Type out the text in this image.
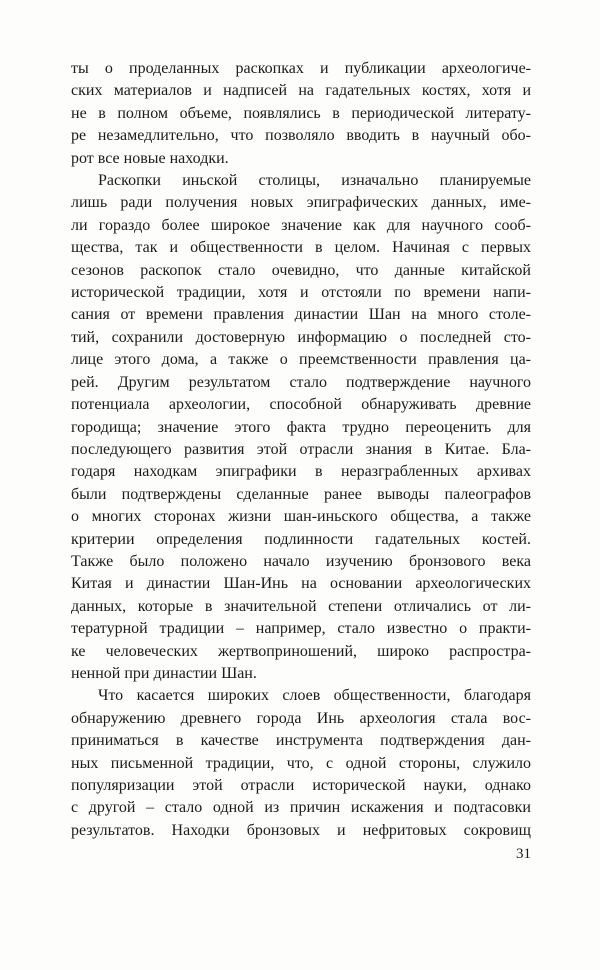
ты о проделанных раскопках и публикации археологиче-
ских материалов и надписей на гадательных костях, хотя и
не в полном объеме, появлялись в периодической литерату-
ре незамедлительно, что позволяло вводить в научный обо-
рот все новые находки.
Раскопки иньской столицы, изначально планируемые
лишь ради получения новых эпиграфических данных, име-
ли гораздо более широкое значение как для научного сооб-
щества, так и общественности в целом. Начиная с первых
сезонов раскопок стало очевидно, что данные китайской
исторической традиции, хотя и отстояли по времени напи-
сания от времени правления династии Шан на много столе-
тий, сохранили достоверную информацию о последней сто-
лице этого дома, а также о преемственности правления ца-
рей. Другим результатом стало подтверждение научного
потенциала археологии, способной обнаруживать древние
городища; значение этого факта трудно переоценить для
последующего развития этой отрасли знания в Китае. Бла-
годаря находкам эпиграфики в неразграбленных архивах
были подтверждены сделанные ранее выводы палеографов
о многих сторонах жизни шан-иньского общества, а также
критерии определения подлинности гадательных костей.
Также было положено начало изучению бронзового века
Китая и династии Шан-Инь на основании археологических
данных, которые в значительной степени отличались от ли-
тературной традиции – например, стало известно о практи-
ке человеческих жертвоприношений, широко распростра-
ненной при династии Шан.
Что касается широких слоев общественности, благодаря
обнаружению древнего города Инь археология стала вос-
приниматься в качестве инструмента подтверждения дан-
ных письменной традиции, что, с одной стороны, служило
популяризации этой отрасли исторической науки, однако
с другой – стало одной из причин искажения и подтасовки
результатов. Находки бронзовых и нефритовых сокровищ
31
